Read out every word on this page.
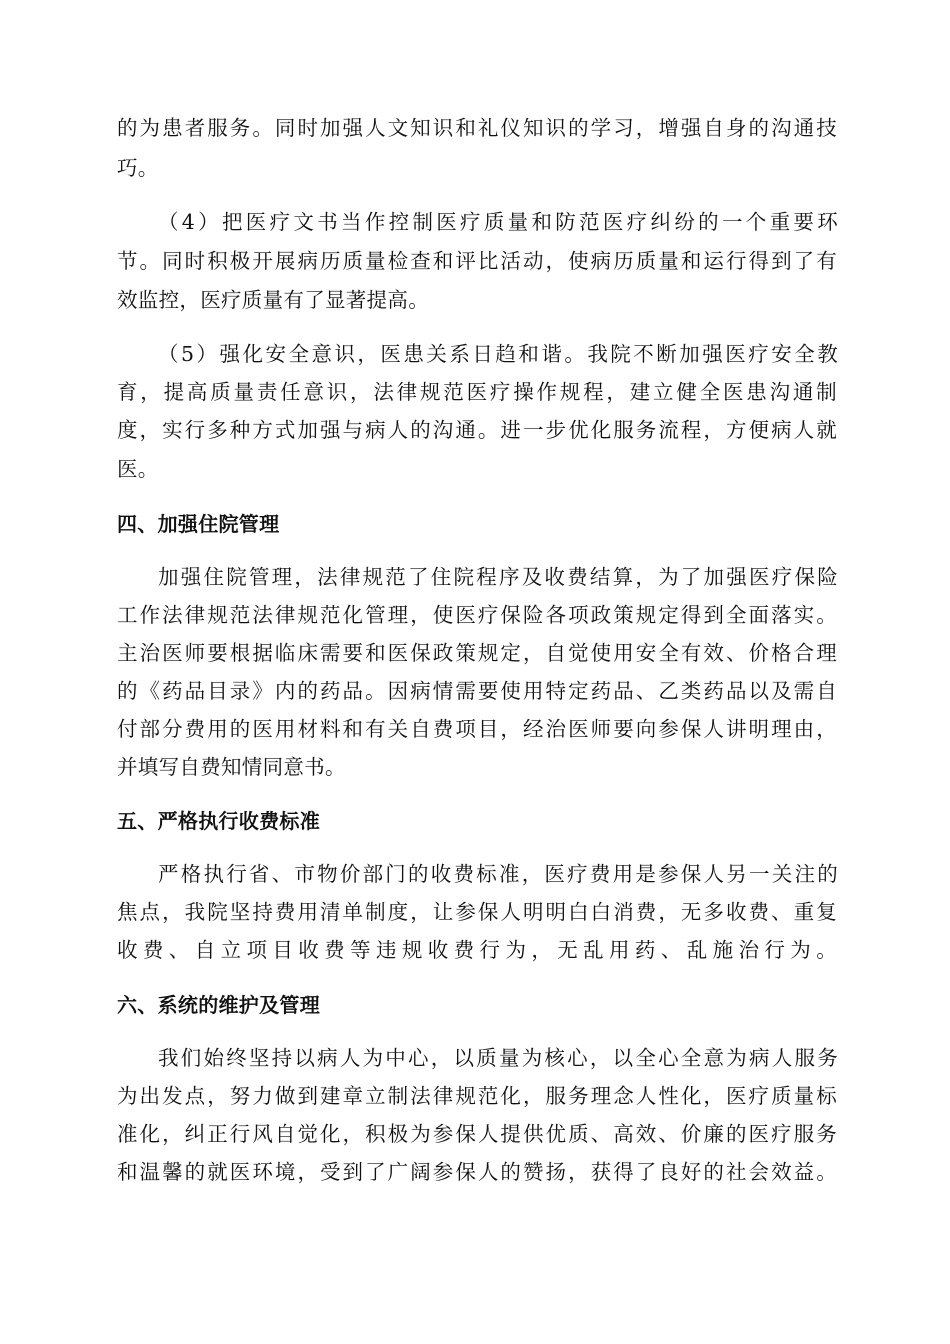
的为患者服务。同时加强人文知识和礼仪知识的学习，增强自身的沟通技
巧。
（4）把医疗文书当作控制医疗质量和防范医疗纠纷的一个重要环
节。同时积极开展病历质量检查和评比活动，使病历质量和运行得到了有
效监控，医疗质量有了显著提高。
（5）强化安全意识，医患关系日趋和谐。我院不断加强医疗安全教
育，提高质量责任意识，法律规范医疗操作规程，建立健全医患沟通制
度，实行多种方式加强与病人的沟通。进一步优化服务流程，方便病人就
医。
四、加强住院管理
加强住院管理，法律规范了住院程序及收费结算，为了加强医疗保险
工作法律规范法律规范化管理，使医疗保险各项政策规定得到全面落实。
主治医师要根据临床需要和医保政策规定，自觉使用安全有效、价格合理
的《药品目录》内的药品。因病情需要使用特定药品、乙类药品以及需自
付部分费用的医用材料和有关自费项目，经治医师要向参保人讲明理由，
并填写自费知情同意书。
五、严格执行收费标准
严格执行省、市物价部门的收费标准，医疗费用是参保人另一关注的
焦点，我院坚持费用清单制度，让参保人明明白白消费，无多收费、重复
收费、自立项目收费等违规收费行为，无乱用药、乱施治行为。
六、系统的维护及管理
我们始终坚持以病人为中心，以质量为核心，以全心全意为病人服务
为出发点，努力做到建章立制法律规范化，服务理念人性化，医疗质量标
准化，纠正行风自觉化，积极为参保人提供优质、高效、价廉的医疗服务
和温馨的就医环境，受到了广阔参保人的赞扬，获得了良好的社会效益。
